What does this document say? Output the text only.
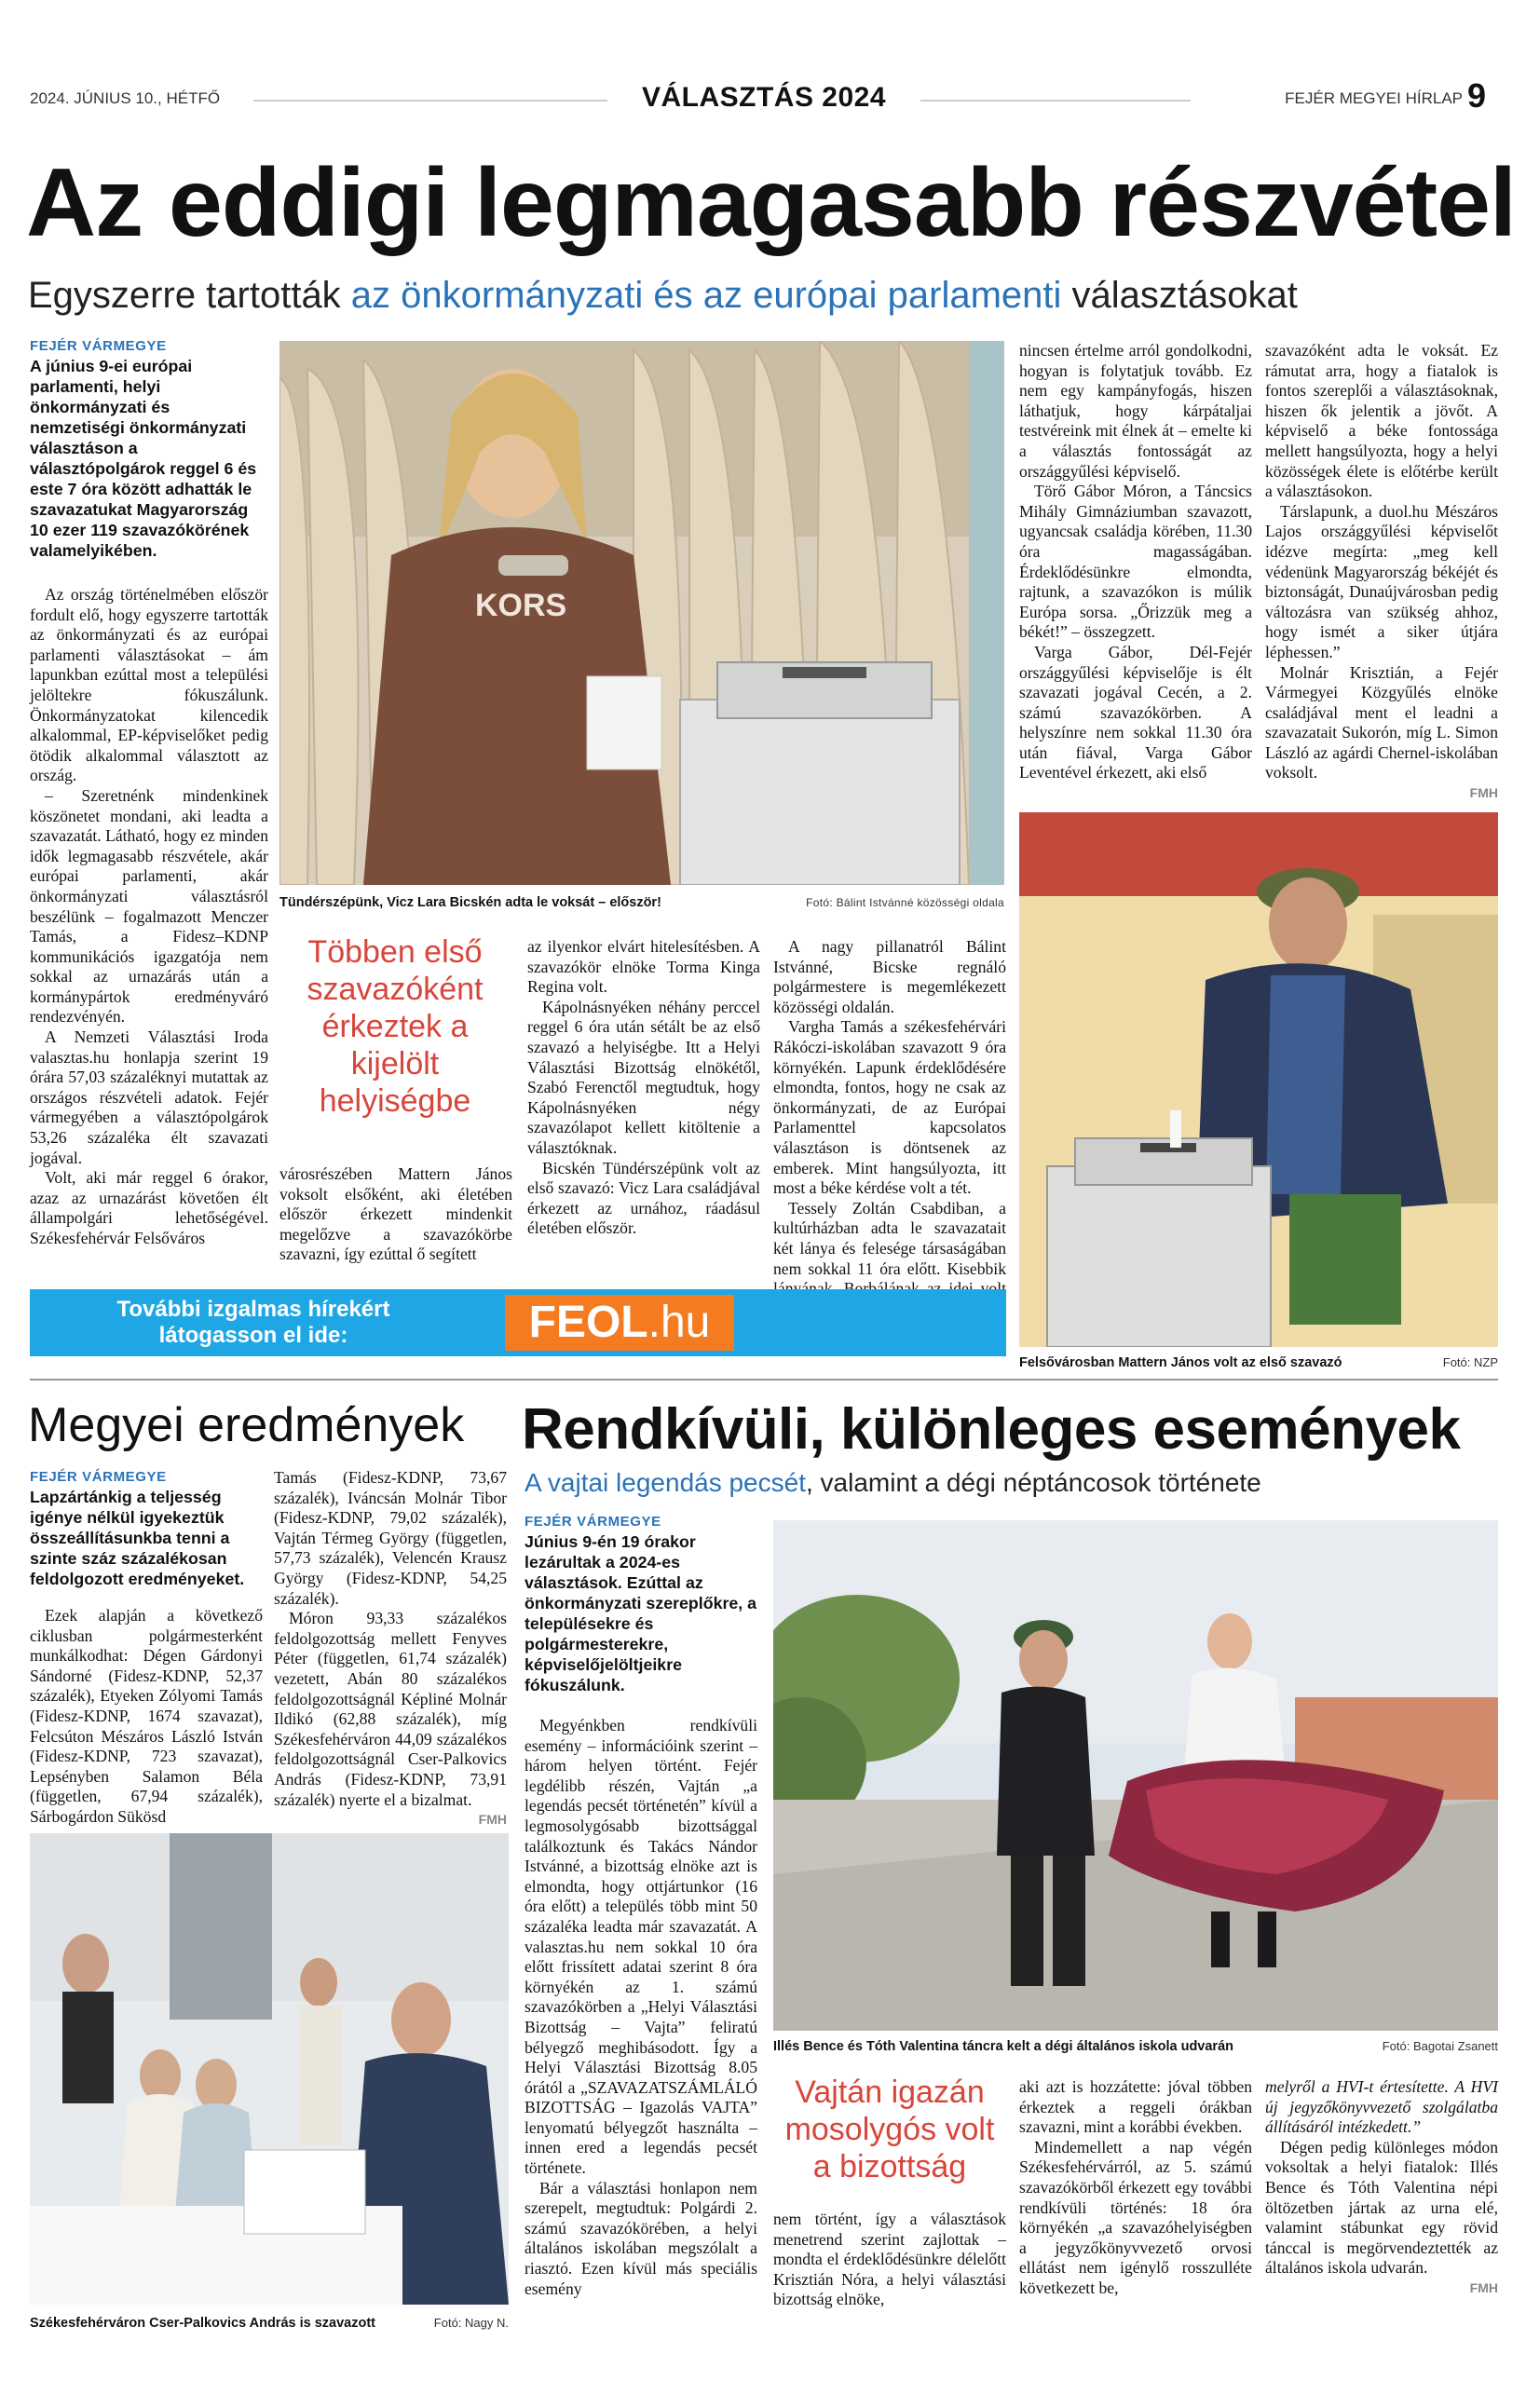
2024. JÚNIUS 10., HÉTFŐ	VÁLASZTÁS 2024	FEJÉR MEGYEI HÍRLAP 9
Az eddigi legmagasabb részvétel
Egyszerre tartották az önkormányzati és az európai parlamenti választásokat
FEJÉR VÁRMEGYE
A június 9-ei európai parlamenti, helyi önkormányzati és nemzetiségi önkormányzati választáson a választópolgárok reggel 6 és este 7 óra között adhatták le szavazatukat Magyarország 10 ezer 119 szavazókörének valamelyikében.

Az ország történelmében először fordult elő, hogy egyszerre tartották az önkormányzati és az európai parlamenti választásokat – ám lapunkban ezúttal most a települési jelöltekre fókuszálunk. Önkormányzatokat kilencedik alkalommal, EP-képviselőket pedig ötödik alkalommal választott az ország.

– Szeretnénk mindenkinek köszönetet mondani, aki leadta a szavazatát. Látható, hogy ez minden idők legmagasabb részvétele, akár európai parlamenti, akár önkormányzati választásról beszélünk – fogalmazott Menczer Tamás, a Fidesz–KDNP kommunikációs igazgatója nem sokkal az urnazárás után a kormánypártok eredményváró rendezvényén.

A Nemzeti Választási Iroda valasztas.hu honlapja szerint 19 órára 57,03 százaléknyi mutattak az országos részvételi adatok. Fejér vármegyében a választópolgárok 53,26 százaléka élt szavazati jogával.

Volt, aki már reggel 6 órakor, azaz az urnazárást követően élt állampolgári lehetőségével. Székesfehérvár Felsőváros

KORS
Tündérszépünk, Vicz Lara Bicskén adta le voksát – először!	Fotó: Bálint Istvánné közösségi oldala
Többen első szavazóként érkeztek a kijelölt helyiségbe

városrészében Mattern János voksolt elsőként, aki életében először érkezett mindenkit megelőzve a szavazókörbe szavazni, így ezúttal ő segített

az ilyenkor elvárt hitelesítésben. A szavazókör elnöke Torma Kinga Regina volt.

Kápolnásnyéken néhány perccel reggel 6 óra után sétált be az első szavazó a helyiségbe. Itt a Helyi Választási Bizottság elnökétől, Szabó Ferenctől megtudtuk, hogy Kápolnásnyéken négy szavazólapot kellett kitöltenie a választóknak.

Bicskén Tündérszépünk volt az első szavazó: Vicz Lara családjával érkezett az urnához, ráadásul életében először.

A nagy pillanatról Bálint Istvánné, Bicske regnáló polgármestere is megemlékezett közösségi oldalán.

Vargha Tamás a székesfehérvári Rákóczi-iskolában szavazott 9 óra környékén. Lapunk érdeklődésére elmondta, fontos, hogy ne csak az önkormányzati, de az Európai Parlamenttel kapcsolatos választáson is döntsenek az emberek. Mint hangsúlyozta, itt most a béke kérdése volt a tét.

Tessely Zoltán Csabdiban, a kultúrházban adta le szavazatait két lánya és felesége társaságában nem sokkal 11 óra előtt. Kisebbik

nincsen értelme arról gondolkodni, hogyan is folytatjuk tovább. Ez nem egy kampányfogás, hiszen láthatjuk, hogy kárpátaljai testvéreink mit élnek át – emelte ki a választás fontosságát az országgyűlési képviselő.

Törő Gábor Móron, a Táncsics Mihály Gimnáziumban szavazott, ugyancsak családja körében, 11.30 óra magasságában. Érdeklődésünkre elmondta, rajtunk, a szavazókon is múlik Európa sorsa. „Őrizzük meg a békét!” – összegzett.

Varga Gábor, Dél-Fejér országgyűlési képviselője is élt szavazati jogával Cecén, a 2. számú szavazókörben. A helyszínre nem sokkal 11.30 óra után fiával, Varga Gábor Leventével érkezett, aki első

szavazóként adta le voksát. Ez rámutat arra, hogy a fiatalok is fontos szereplői a választásoknak, hiszen ők jelentik a jövőt. A képviselő a béke fontossága mellett hangsúlyozta, hogy a helyi közösségek élete is előtérbe került a választásokon.

Társlapunk, a duol.hu Mészáros Lajos országgyűlési képviselőt idézve megírta: „meg kell védenünk Magyarország békéjét és biztonságát, Dunaújvárosban pedig változásra van szükség ahhoz, hogy ismét a siker útjára léphessen.”

Molnár Krisztián, a Fejér Vármegyei Közgyűlés elnöke családjával ment el leadni a szavazatait Sukorón, míg L. Simon László az agárdi Chernel-iskolában voksolt.

FMH
Felsővárosban Mattern János volt az első szavazó	Fotó: NZP
További izgalmas hírekért
látogasson el ide:	FEOL.hu
Megyei eredmények
FEJÉR VÁRMEGYE
Lapzártánkig a teljesség igénye nélkül igyekeztük összeállításunkba tenni a szinte száz százalékosan feldolgozott eredményeket.

Ezek alapján a következő ciklusban polgármesterként munkálkodhat: Dégen Gárdonyi Sándorné (Fidesz-KDNP, 52,37 százalék), Etyeken Zólyomi Tamás (Fidesz-KDNP, 1674 szavazat), Felcsúton Mészáros László István (Fidesz-KDNP, 723 szavazat), Lepsényben Salamon Béla (független, 67,94 százalék), Sárbogárdon Sükösd

Tamás (Fidesz-KDNP, 73,67 százalék), Iváncsán Molnár Tibor (Fidesz-KDNP, 79,02 százalék), Vajtán Térmeg György (független, 57,73 százalék), Velencén Krausz György (Fidesz-KDNP, 54,25 százalék).

Móron 93,33 százalékos feldolgozottság mellett Fenyves Péter (független, 61,74 százalék) vezetett, Abán 80 százalékos feldolgozottságnál Képliné Molnár Ildikó (62,88 százalék), míg Székesfehérváron 44,09 százalékos feldolgozottságnál Cser-Palkovics András (Fidesz-KDNP, 73,91 százalék) nyerte el a bizalmat.

FMH
Székesfehérváron Cser-Palkovics András is szavazott	Fotó: Nagy N.
Rendkívüli, különleges események
A vajtai legendás pecsét, valamint a dégi néptáncosok története
FEJÉR VÁRMEGYE
Június 9-én 19 órakor lezárultak a 2024-es választások. Ezúttal az önkormányzati szereplőkre, a településekre és polgármesterekre, képviselőjelöltjeikre fókuszálunk.

Megyénkben rendkívüli esemény – információink szerint – három helyen történt. Fejér legdélibb részén, Vajtán „a legendás pecsét történetén” kívül a legmosolygósabb bizottsággal találkoztunk és Takács Nándor Istvánné, a bizottság elnöke azt is elmondta, hogy ottjártunkor (16 óra előtt) a település több mint 50 százaléka leadta már szavazatát. A valasztas.hu nem sokkal 10 óra előtt frissített adatai szerint 8 óra környékén az 1. számú szavazókörben a „Helyi Választási Bizottság – Vajta” feliratú bélyegző meghibásodott. Így a Helyi Választási Bizottság 8.05 órától a „SZAVAZATSZÁMLÁLÓ BIZOTTSÁG – Igazolás VAJTA” lenyomatú bélyegzőt használta – innen ered a legendás pecsét története.

Bár a választási honlapon nem szerepelt, megtudtuk: Polgárdi 2. számú szavazókörében, a helyi általános iskolában megszólalt a riasztó. Ezen kívül más speciális esemény

Illés Bence és Tóth Valentina táncra kelt a dégi általános iskola udvarán	Fotó: Bagotai Zsanett
Vajtán igazán mosolygós volt a bizottság

nem történt, így a választások menetrend szerint zajlottak – mondta el érdeklődésünkre délelőtt Krisztián Nóra, a helyi választási bizottság elnöke,

aki azt is hozzátette: jóval többen érkeztek a reggeli órákban szavazni, mint a korábbi években.

Mindemellett a nap végén Székesfehérvárról, az 5. számú szavazókörből érkezett egy további rendkívüli történés: 18 óra környékén „a szavazóhelyiségben a jegyzőkönyvvezető orvosi ellátást nem igénylő rosszulléte következett be,

melyről a HVI-t értesítette. A HVI új jegyzőkönyvvezető szolgálatba állításáról intézkedett.”

Dégen pedig különleges módon voksoltak a helyi fiatalok: Illés Bence és Tóth Valentina népi öltözetben jártak az urna elé, valamint stábunkat egy rövid tánccal is megörvendeztették az általános iskola udvarán.

FMH
